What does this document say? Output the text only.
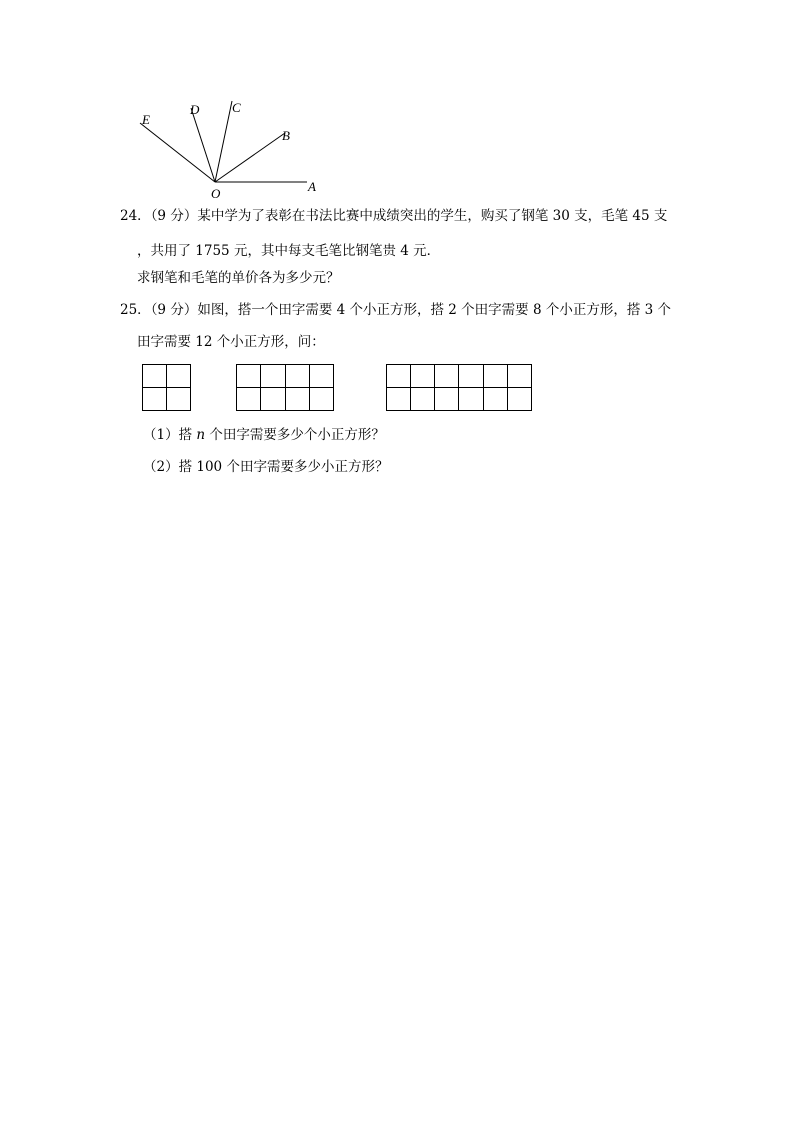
E
D	C
B
O	A
24．（9 分）某中学为了表彰在书法比赛中成绩突出的学生，购买了钢笔 30 支，毛笔 45 支
，共用了 1755 元，其中每支毛笔比钢笔贵 4 元．
求钢笔和毛笔的单价各为多少元？
25．（9 分）如图，搭一个田字需要 4 个小正方形，搭 2 个田字需要 8 个小正方形，搭 3 个
田字需要 12 个小正方形，问：
（1）搭 n 个田字需要多少个小正方形？
（2）搭 100 个田字需要多少小正方形？
